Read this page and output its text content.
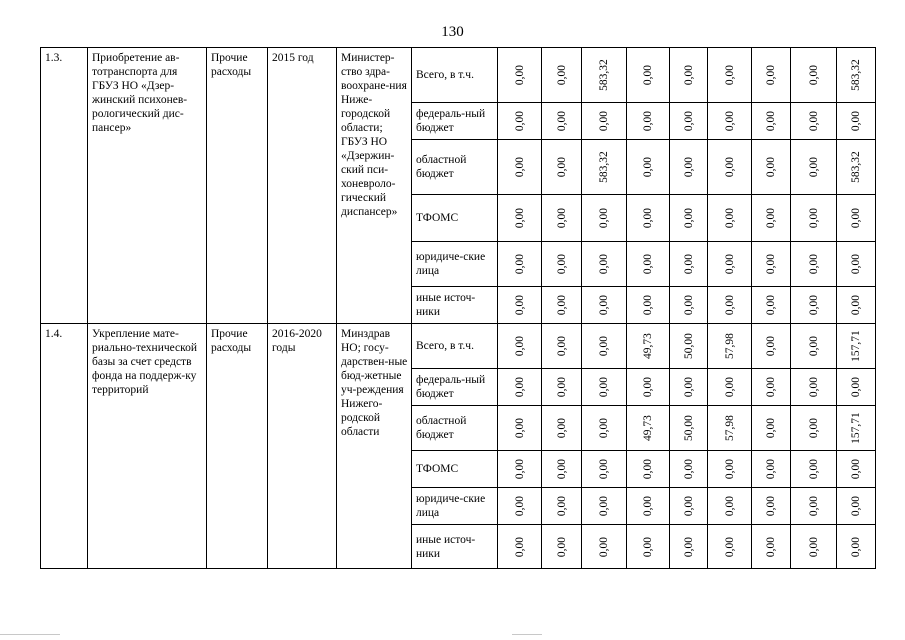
130
1.3.	Приобретение ав-тотранспорта для ГБУЗ НО «Дзер-жинский психонев-рологический дис-пансер»	Прочие расходы	2015 год	Министер-ство здра-воохране-ния Ниже-городской области; ГБУЗ НО «Дзержин-ский пси-хоневроло-гический диспансер»	Всего, в т.ч.	0,00	0,00	583,32	0,00	0,00	0,00	0,00	0,00	583,32

					федераль-ный бюджет	0,00	0,00	0,00	0,00	0,00	0,00	0,00	0,00	0,00

					областной бюджет	0,00	0,00	583,32	0,00	0,00	0,00	0,00	0,00	583,32

					ТФОМС	0,00	0,00	0,00	0,00	0,00	0,00	0,00	0,00	0,00

					юридиче-ские лица	0,00	0,00	0,00	0,00	0,00	0,00	0,00	0,00	0,00

					иные источ-ники	0,00	0,00	0,00	0,00	0,00	0,00	0,00	0,00	0,00

1.4.	Укрепление мате-риально-технической базы за счет средств фонда на поддерж-ку территорий	Прочие расходы	2016-2020 годы	Минздрав НО; госу-дарствен-ные бюд-жетные уч-реждения Нижего-родской области	Всего, в т.ч.	0,00	0,00	0,00	49,73	50,00	57,98	0,00	0,00	157,71

					федераль-ный бюджет	0,00	0,00	0,00	0,00	0,00	0,00	0,00	0,00	0,00

					областной бюджет	0,00	0,00	0,00	49,73	50,00	57,98	0,00	0,00	157,71

					ТФОМС	0,00	0,00	0,00	0,00	0,00	0,00	0,00	0,00	0,00

					юридиче-ские лица	0,00	0,00	0,00	0,00	0,00	0,00	0,00	0,00	0,00

					иные источ-ники	0,00	0,00	0,00	0,00	0,00	0,00	0,00	0,00	0,00
